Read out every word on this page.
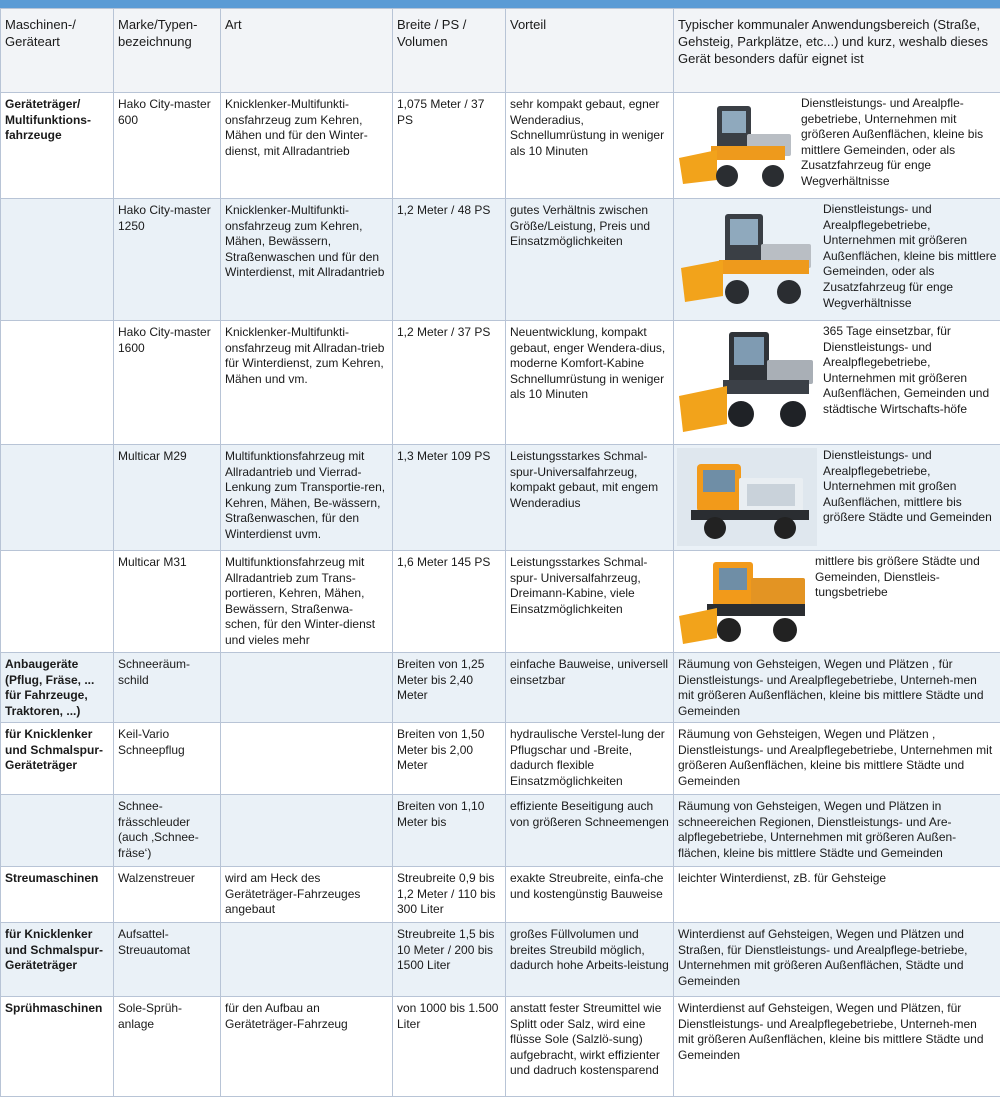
Maschinen-/ Geräteart	Marke/Typen-bezeichnung	Art	Breite / PS / Volumen	Vorteil	Typischer kommunaler Anwendungsbereich (Straße, Gehsteig, Parkplätze, etc...) und kurz, weshalb dieses Gerät besonders dafür eignet ist
Geräteträger/ Multifunktions-fahrzeuge	Hako City-master 600	Knicklenker-Multifunkti-onsfahrzeug zum Kehren, Mähen und für den Winter-dienst, mit Allradantrieb	1,075 Meter / 37 PS	sehr kompakt gebaut, egner Wenderadius, Schnellumrüstung in weniger als 10 Minuten	Dienstleistungs- und Arealpfle-gebetriebe, Unternehmen mit größeren Außenflächen, kleine bis mittlere Gemeinden, oder als Zusatzfahrzeug für enge Wegverhältnisse

	Hako City-master 1250	Knicklenker-Multifunkti-onsfahrzeug zum Kehren, Mähen, Bewässern, Straßenwaschen und für den Winterdienst, mit Allradantrieb	1,2 Meter / 48 PS	gutes Verhältnis zwischen Größe/Leistung, Preis und Einsatzmöglichkeiten	Dienstleistungs- und Arealpflegebetriebe, Unternehmen mit größeren Außenflächen, kleine bis mittlere Gemeinden, oder als Zusatzfahrzeug für enge Wegverhältnisse

	Hako City-master 1600	Knicklenker-Multifunkti-onsfahrzeug mit Allradan-trieb für Winterdienst, zum Kehren, Mähen und vm.	1,2 Meter / 37 PS	Neuentwicklung, kompakt gebaut, enger Wendera-dius, moderne Komfort-Kabine Schnellumrüstung in weniger als 10 Minuten	365 Tage einsetzbar, für Dienstleistungs- und Arealpflegebetriebe, Unternehmen mit größeren Außenflächen, Gemeinden und städtische Wirtschafts-höfe

	Multicar M29	Multifunktionsfahrzeug mit Allradantrieb und Vierrad-Lenkung zum Transportie-ren, Kehren, Mähen, Be-wässern, Straßenwaschen, für den Winterdienst uvm.	1,3 Meter 109 PS	Leistungsstarkes Schmal-spur-Universalfahrzeug, kompakt gebaut, mit engem Wenderadius	Dienstleistungs- und Arealpflegebetriebe, Unternehmen mit großen Außenflächen, mittlere bis größere Städte und Gemeinden

	Multicar M31	Multifunktionsfahrzeug mit Allradantrieb zum Trans-portieren, Kehren, Mähen, Bewässern, Straßenwa-schen, für den Winter-dienst und vieles mehr	1,6 Meter 145 PS	Leistungsstarkes Schmal-spur- Universalfahrzeug, Dreimann-Kabine, viele Einsatzmöglichkeiten	mittlere bis größere Städte und Gemeinden, Dienstleis-tungsbetriebe

Anbaugeräte (Pflug, Fräse, ... für Fahrzeuge, Traktoren, ...)	Schneeräum-schild		Breiten von 1,25 Meter bis 2,40 Meter	einfache Bauweise, universell einsetzbar	Räumung von Gehsteigen, Wegen und Plätzen , für Dienstleistungs- und Arealpflegebetriebe, Unterneh-men mit größeren Außenflächen, kleine bis mittlere Städte und Gemeinden
für Knicklenker und Schmalspur-Geräteträger	Keil-Vario Schneepflug		Breiten von 1,50 Meter bis 2,00 Meter	hydraulische Verstel-lung der Pflugschar und -Breite, dadurch flexible Einsatzmöglichkeiten	Räumung von Gehsteigen, Wegen und Plätzen , Dienstleistungs- und Arealpflegebetriebe, Unternehmen mit größeren Außenflächen, kleine bis mittlere Städte und Gemeinden
	Schnee-frässchleuder (auch ‚Schnee-fräse‘)		Breiten von 1,10 Meter bis	effiziente Beseitigung auch von größeren Schneemengen	Räumung von Gehsteigen, Wegen und Plätzen in schneereichen Regionen, Dienstleistungs- und Are-alpflegebetriebe, Unternehmen mit größeren Außen-flächen, kleine bis mittlere Städte und Gemeinden
Streumaschinen	Walzenstreuer	wird am Heck des Geräteträger-Fahrzeuges angebaut	Streubreite 0,9 bis 1,2 Meter / 110 bis 300 Liter	exakte Streubreite, einfa-che und kostengünstig Bauweise	leichter Winterdienst, zB. für Gehsteige
für Knicklenker und Schmalspur-Geräteträger	Aufsattel-Streuautomat		Streubreite 1,5 bis 10 Meter / 200 bis 1500 Liter	großes Füllvolumen und breites Streubild möglich, dadurch hohe Arbeits-leistung	Winterdienst auf Gehsteigen, Wegen und Plätzen und Straßen, für Dienstleistungs- und Arealpflege-betriebe, Unternehmen mit größeren Außenflächen, Städte und Gemeinden
Sprühmaschinen	Sole-Sprüh-anlage	für den Aufbau an Geräteträger-Fahrzeug	von 1000 bis 1.500 Liter	anstatt fester Streumittel wie Splitt oder Salz, wird eine flüsse Sole (Salzlö-sung) aufgebracht, wirkt effizienter und dadruch kostensparend	Winterdienst auf Gehsteigen, Wegen und Plätzen, für Dienstleistungs- und Arealpflegebetriebe, Unterneh-men mit größeren Außenflächen, kleine bis mittlere Städte und Gemeinden
